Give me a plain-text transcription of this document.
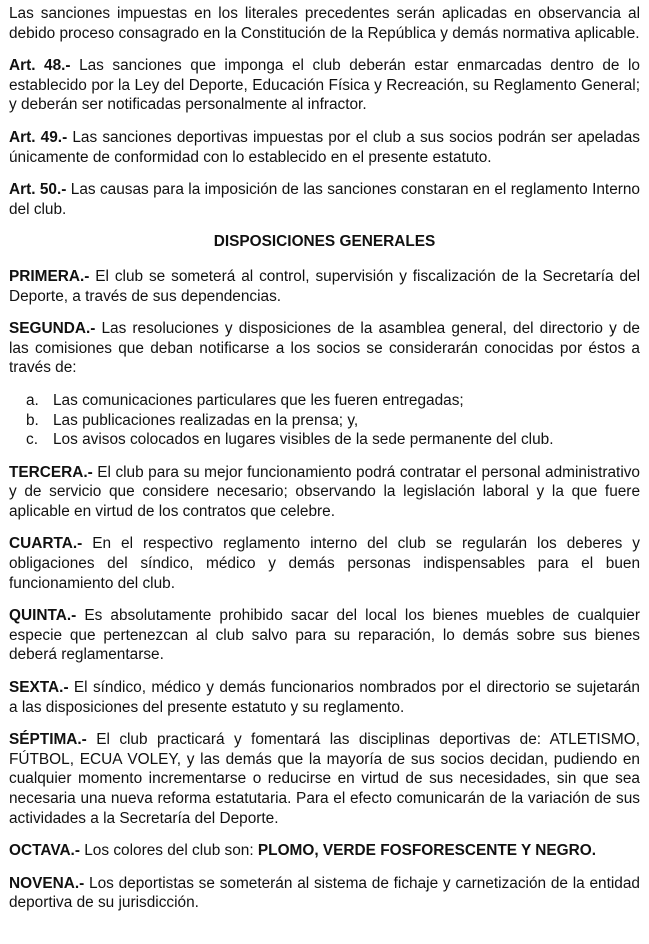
Las sanciones impuestas en los literales precedentes serán aplicadas en observancia al debido proceso consagrado en la Constitución de la República y demás normativa aplicable.

Art. 48.- Las sanciones que imponga el club deberán estar enmarcadas dentro de lo establecido por la Ley del Deporte, Educación Física y Recreación, su Reglamento General; y deberán ser notificadas personalmente al infractor.

Art. 49.- Las sanciones deportivas impuestas por el club a sus socios podrán ser apeladas únicamente de conformidad con lo establecido en el presente estatuto.

Art. 50.- Las causas para la imposición de las sanciones constaran en el reglamento Interno del club.

DISPOSICIONES GENERALES

PRIMERA.- El club se someterá al control, supervisión y fiscalización de la Secretaría del Deporte, a través de sus dependencias.

SEGUNDA.- Las resoluciones y disposiciones de la asamblea general, del directorio y de las comisiones que deban notificarse a los socios se considerarán conocidas por éstos a través de:

a. Las comunicaciones particulares que les fueren entregadas;
b. Las publicaciones realizadas en la prensa; y,
c. Los avisos colocados en lugares visibles de la sede permanente del club.

TERCERA.- El club para su mejor funcionamiento podrá contratar el personal administrativo y de servicio que considere necesario; observando la legislación laboral y la que fuere aplicable en virtud de los contratos que celebre.

CUARTA.- En el respectivo reglamento interno del club se regularán los deberes y obligaciones del síndico, médico y demás personas indispensables para el buen funcionamiento del club.

QUINTA.- Es absolutamente prohibido sacar del local los bienes muebles de cualquier especie que pertenezcan al club salvo para su reparación, lo demás sobre sus bienes deberá reglamentarse.

SEXTA.- El síndico, médico y demás funcionarios nombrados por el directorio se sujetarán a las disposiciones del presente estatuto y su reglamento.

SÉPTIMA.- El club practicará y fomentará las disciplinas deportivas de: ATLETISMO, FÚTBOL, ECUA VOLEY, y las demás que la mayoría de sus socios decidan, pudiendo en cualquier momento incrementarse o reducirse en virtud de sus necesidades, sin que sea necesaria una nueva reforma estatutaria. Para el efecto comunicarán de la variación de sus actividades a la Secretaría del Deporte.

OCTAVA.- Los colores del club son: PLOMO, VERDE FOSFORESCENTE Y NEGRO.

NOVENA.- Los deportistas se someterán al sistema de fichaje y carnetización de la entidad deportiva de su jurisdicción.
